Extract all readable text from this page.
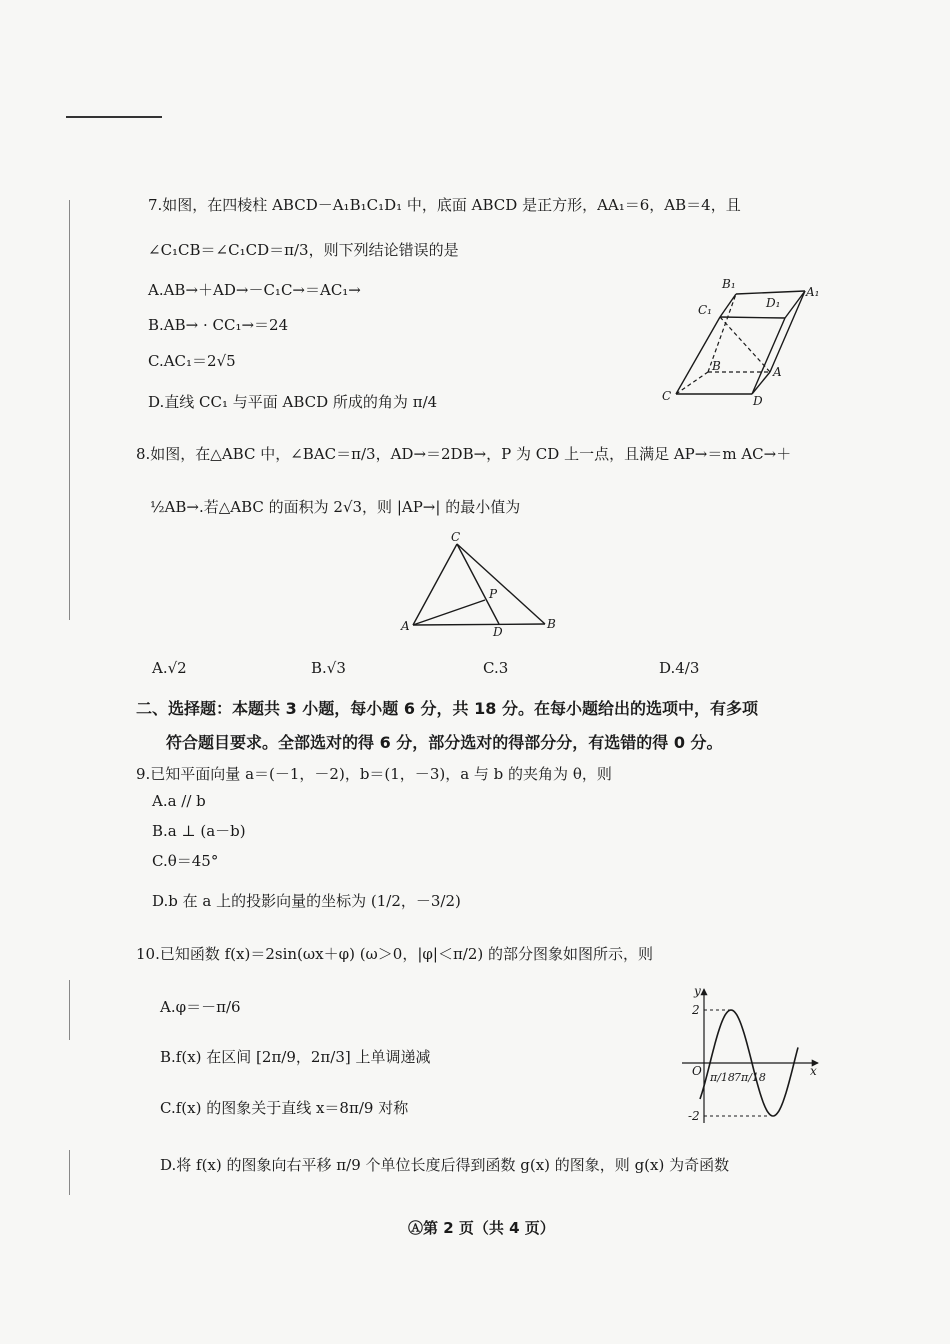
7.如图，在四棱柱 ABCD－A₁B₁C₁D₁ 中，底面 ABCD 是正方形，AA₁＝6，AB＝4，且
∠C₁CB＝∠C₁CD＝π/3，则下列结论错误的是
A.AB→＋AD→－C₁C→＝AC₁→
B.AB→ · CC₁→＝24
C.AC₁＝2√5
D.直线 CC₁ 与平面 ABCD 所成的角为 π/4
B₁
A₁
C₁	D₁
B	A
C	D
8.如图，在△ABC 中，∠BAC＝π/3，AD→＝2DB→，P 为 CD 上一点，且满足 AP→＝m AC→＋
½AB→.若△ABC 的面积为 2√3，则 |AP→| 的最小值为
C
P
A	D
B
A.√2	B.√3	C.3	D.4/3
二、选择题：本题共 3 小题，每小题 6 分，共 18 分。在每小题给出的选项中，有多项
符合题目要求。全部选对的得 6 分，部分选对的得部分分，有选错的得 0 分。
9.已知平面向量 a＝(－1，－2)，b＝(1，－3)，a 与 b 的夹角为 θ，则
A.a // b
B.a ⊥ (a－b)
C.θ＝45°
D.b 在 a 上的投影向量的坐标为 (1/2，－3/2)
10.已知函数 f(x)＝2sin(ωx＋φ) (ω＞0，|φ|＜π/2) 的部分图象如图所示，则
A.φ＝－π/6
B.f(x) 在区间 [2π/9，2π/3] 上单调递减
C.f(x) 的图象关于直线 x＝8π/9 对称
D.将 f(x) 的图象向右平移 π/9 个单位长度后得到函数 g(x) 的图象，则 g(x) 为奇函数
y
x
O
2
-2
π/18 7π/18
Ⓐ第 2 页（共 4 页）
